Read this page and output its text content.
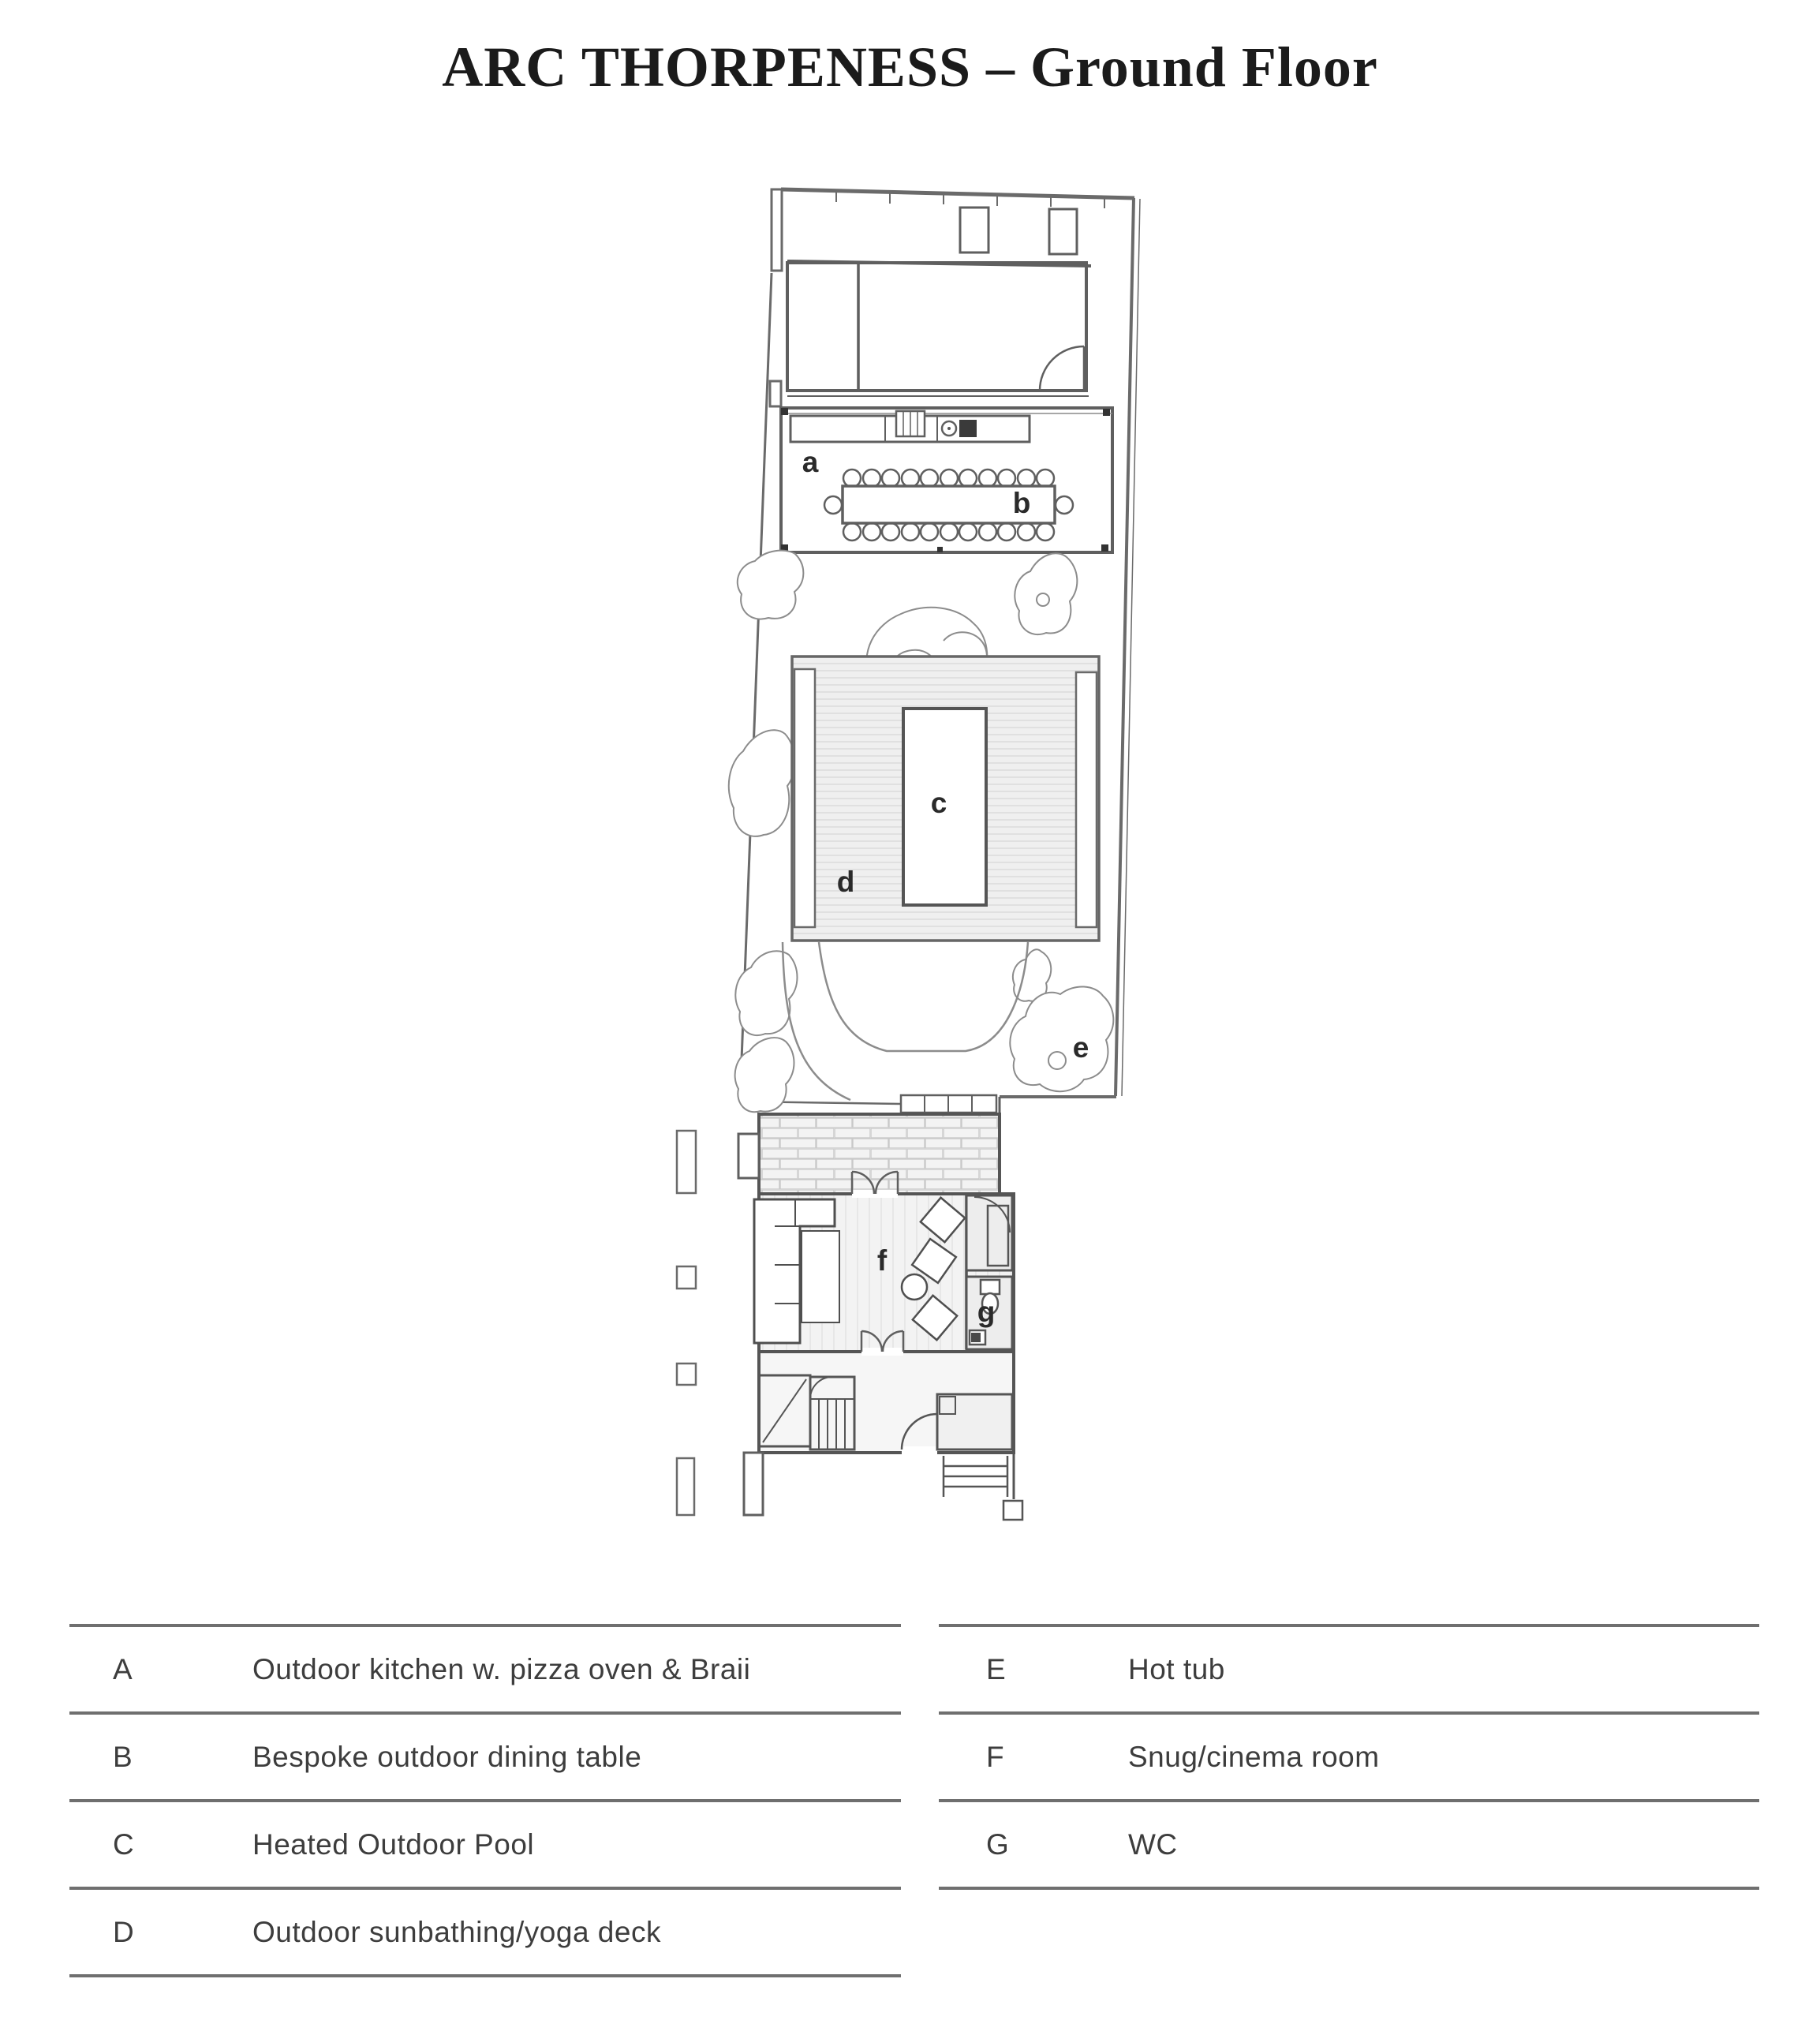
ARC THORPENESS – Ground Floor
a
b
c
d
e
f
g
A	Outdoor kitchen w. pizza oven & Braii
B	Bespoke outdoor dining table
C	Heated Outdoor Pool
D	Outdoor sunbathing/yoga deck
E	Hot tub
F	Snug/cinema room
G	WC
